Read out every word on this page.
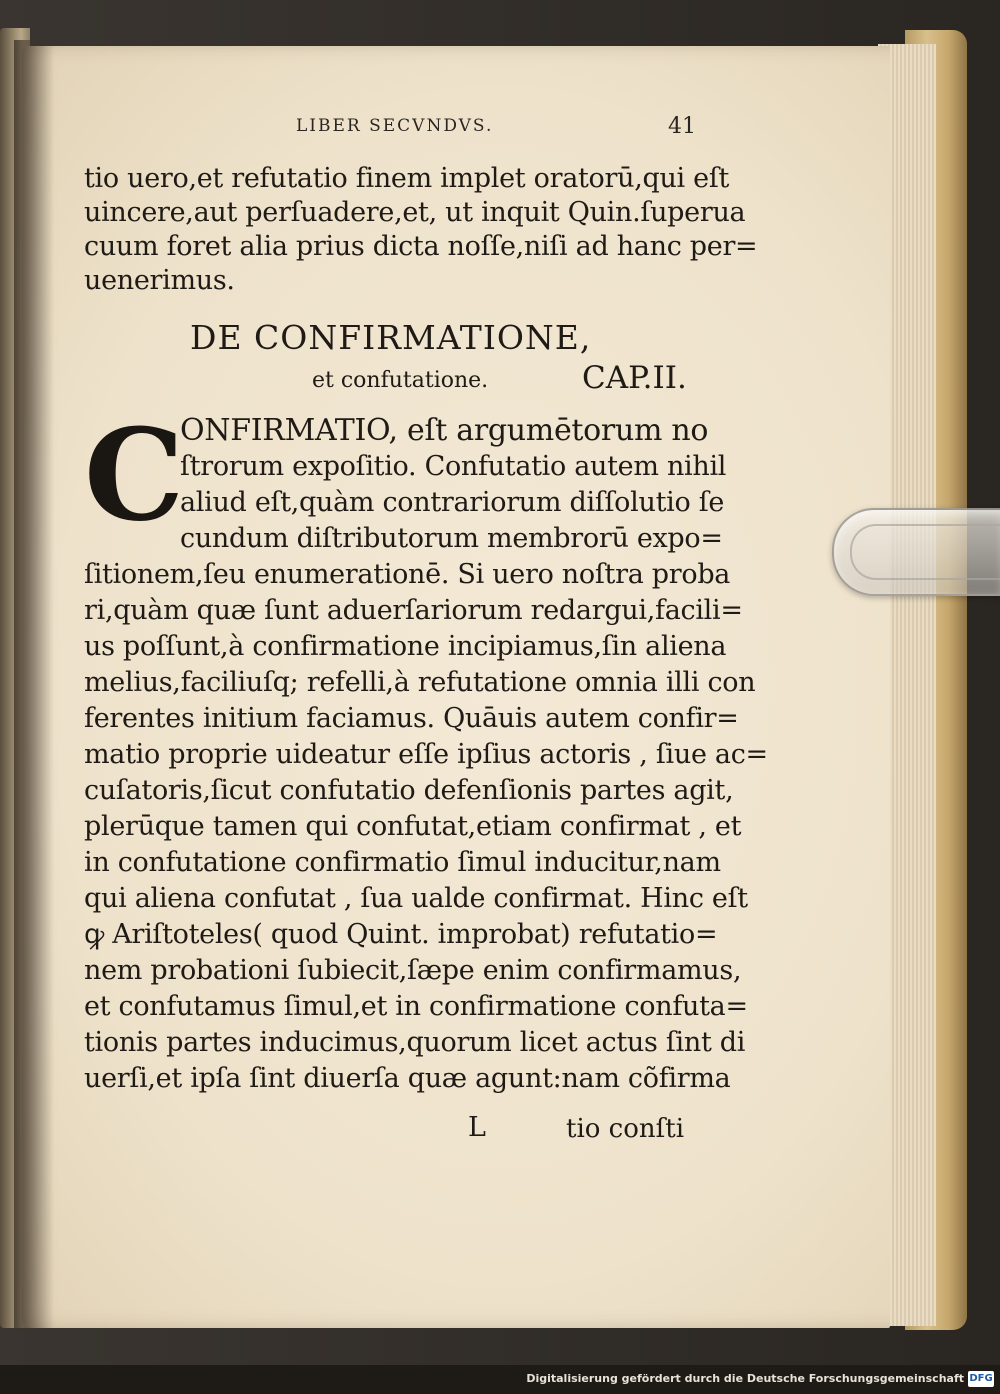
LIBER SECVNDVS.	41
tio uero,et refutatio finem implet oratorū,qui eſt
uincere,aut perſuadere,et, ut inquit Quin.ſuperua
cuum foret alia prius dicta noſſe,niſi ad hanc per=
uenerimus.
DE CONFIRMATIONE,
et confutatione.	CAP.II.
C
ONFIRMATIO, eſt argumētorum no
ſtrorum expoſitio. Confutatio autem nihil
aliud eſt,quàm contrariorum diſſolutio ſe
cundum diſtributorum membrorū expo=
ſitionem,ſeu enumerationē. Si uero noſtra proba
ri,quàm quæ ſunt aduerſariorum redargui,facili=
us poſſunt,à confirmatione incipiamus,ſin aliena
melius,faciliuſq; refelli,à refutatione omnia illi con
ferentes initium faciamus. Quāuis autem confir=
matio proprie uideatur eſſe ipſius actoris , ſiue ac=
cuſatoris,ſicut confutatio defenſionis partes agit,
plerūque tamen qui confutat,etiam confirmat , et
in confutatione confirmatio ſimul inducitur,nam
qui aliena confutat , ſua ualde confirmat. Hinc eſt
ꝙ Ariſtoteles( quod Quint. improbat) refutatio=
nem probationi ſubiecit,ſæpe enim confirmamus,
et confutamus ſimul,et in confirmatione confuta=
tionis partes inducimus,quorum licet actus ſint di
uerſi,et ipſa ſint diuerſa quæ agunt:nam cõfirma
L	tio conſti
Digitalisierung gefördert durch die Deutsche Forschungsgemeinschaft DFG
